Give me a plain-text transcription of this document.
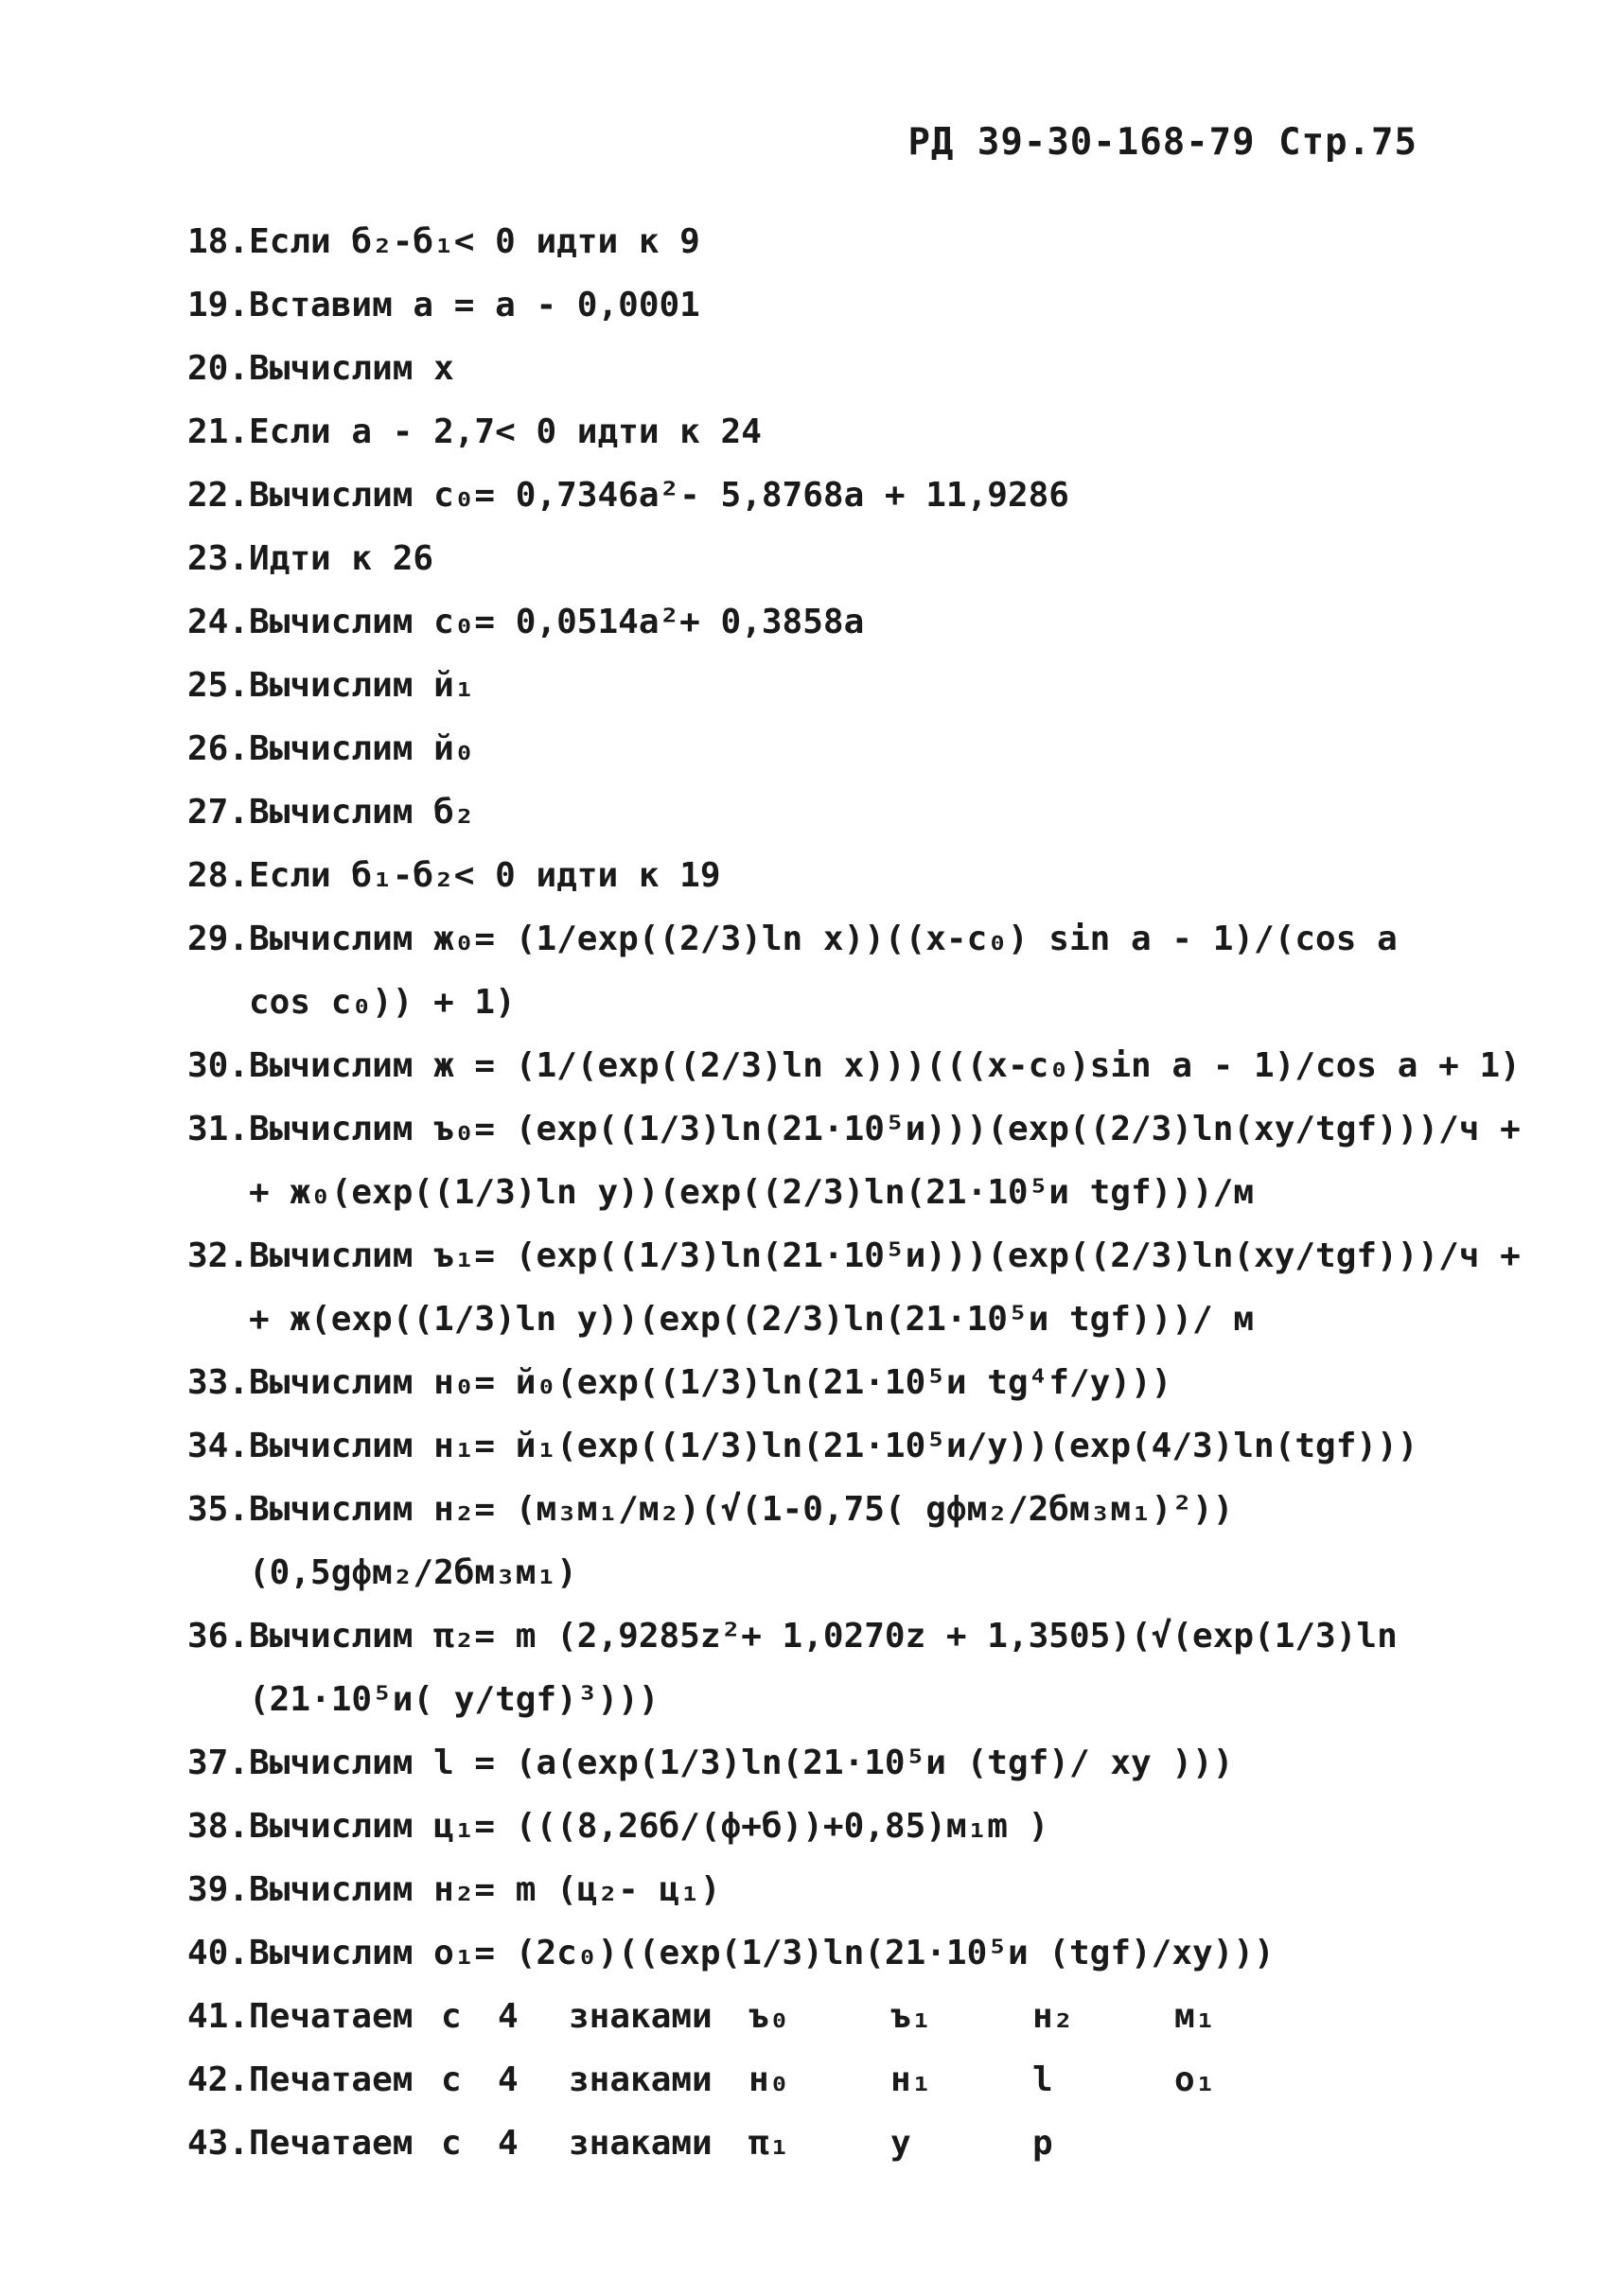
РД 39-30-168-79 Стр.75
18.Если б₂-б₁< 0 идти к 9
19.Вставим a = a - 0,0001
20.Вычислим x
21.Если a - 2,7< 0 идти к 24
22.Вычислим c₀= 0,7346a²- 5,8768a + 11,9286
23.Идти к 26
24.Вычислим c₀= 0,0514a²+ 0,3858a
25.Вычислим й₁
26.Вычислим й₀
27.Вычислим б₂
28.Если б₁-б₂< 0 идти к 19
29.Вычислим ж₀= (1/exp((2/3)ln x))((x-c₀) sin a - 1)/(cos a
cos c₀)) + 1)
30.Вычислим ж = (1/(exp((2/3)ln x)))(((x-c₀)sin a - 1)/cos a + 1)
31.Вычислим ъ₀= (exp((1/3)ln(21·10⁵и)))(exp((2/3)ln(xy/tgf)))/ч +
+ ж₀(exp((1/3)ln y))(exp((2/3)ln(21·10⁵и tgf)))/м
32.Вычислим ъ₁= (exp((1/3)ln(21·10⁵и)))(exp((2/3)ln(xy/tgf)))/ч +
+ ж(exp((1/3)ln y))(exp((2/3)ln(21·10⁵и tgf)))/ м
33.Вычислим н₀= й₀(exp((1/3)ln(21·10⁵и tg⁴f/y)))
34.Вычислим н₁= й₁(exp((1/3)ln(21·10⁵и/y))(exp(4/3)ln(tgf)))
35.Вычислим н₂= (м₃м₁/м₂)(√(1-0,75( gфм₂/2бм₃м₁)²))
(0,5gфм₂/2бм₃м₁)
36.Вычислим π₂= m (2,9285z²+ 1,0270z + 1,3505)(√(exp(1/3)ln
(21·10⁵и( y/tgf)³)))
37.Вычислим l = (a(exp(1/3)ln(21·10⁵и (tgf)/ xy )))
38.Вычислим ц₁= (((8,26б/(ф+б))+0,85)м₁m )
39.Вычислим н₂= m (ц₂- ц₁)
40.Вычислим o₁= (2c₀)((exp(1/3)ln(21·10⁵и (tgf)/xy)))
41.Печатаем с	4	знаками	ъ₀	ъ₁	н₂	м₁
42.Печатаем с	4	знаками	н₀	н₁	l	o₁
43.Печатаем с	4	знаками	π₁	y	p
